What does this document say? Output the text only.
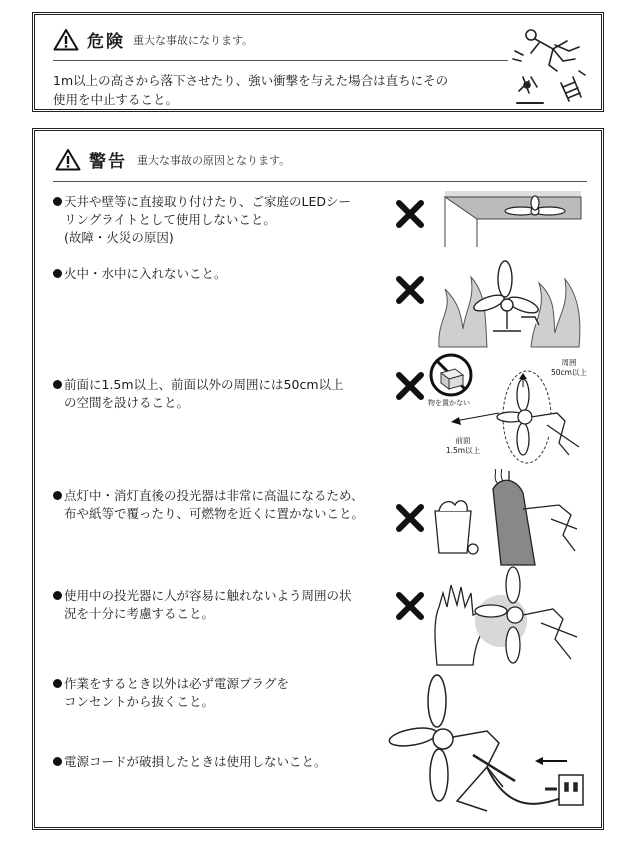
危険 重大な事故になります。
1m以上の高さから落下させたり、強い衝撃を与えた場合は直ちにその
使用を中止すること。
警告 重大な事故の原因となります。
天井や壁等に直接取り付けたり、ご家庭のLEDシー
リングライトとして使用しないこと。
(故障・火災の原因)
火中・水中に入れないこと。
前面に1.5m以上、前面以外の周囲には50cm以上
の空間を設けること。
点灯中・消灯直後の投光器は非常に高温になるため、
布や紙等で覆ったり、可燃物を近くに置かないこと。
使用中の投光器に人が容易に触れないよう周囲の状
況を十分に考慮すること。
作業をするとき以外は必ず電源プラグを
コンセントから抜くこと。
電源コードが破損したときは使用しないこと。
物を置かない
周囲
50cm以上
前面
1.5m以上
